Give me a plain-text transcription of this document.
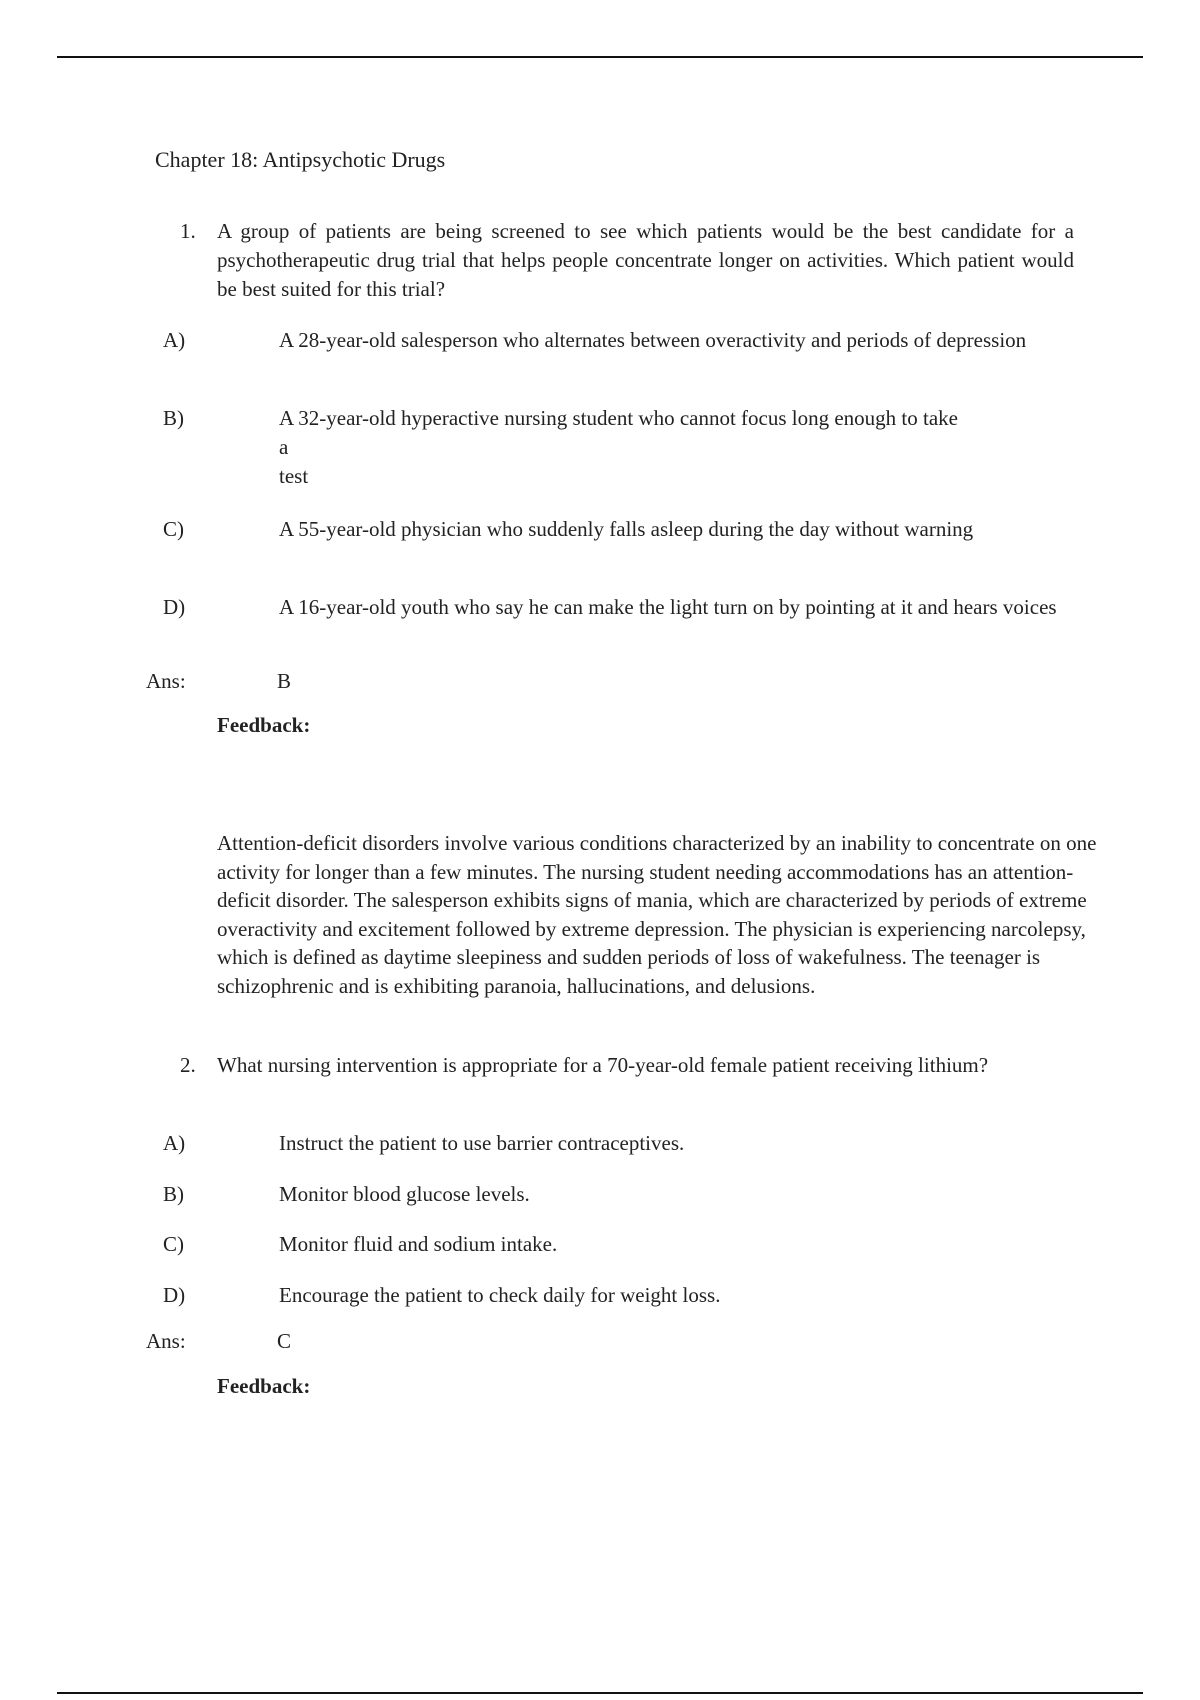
Chapter 18: Antipsychotic Drugs
1.	A group of patients are being screened to see which patients would be the best candidate for a psychotherapeutic drug trial that helps people concentrate longer on activities. Which patient would be best suited for this trial?
A)	A 28-year-old salesperson who alternates between overactivity and periods of depression
B)	A 32-year-old hyperactive nursing student who cannot focus long enough to take
a
test
C)	A 55-year-old physician who suddenly falls asleep during the day without warning
D)	A 16-year-old youth who say he can make the light turn on by pointing at it and hears voices
Ans:	B
Feedback:
Attention-deficit disorders involve various conditions characterized by an inability to concentrate on one activity for longer than a few minutes. The nursing student needing accommodations has an attention-deficit disorder. The salesperson exhibits signs of mania, which are characterized by periods of extreme overactivity and excitement followed by extreme depression. The physician is experiencing narcolepsy, which is defined as daytime sleepiness and sudden periods of loss of wakefulness. The teenager is schizophrenic and is exhibiting paranoia, hallucinations, and delusions.
2.	What nursing intervention is appropriate for a 70-year-old female patient receiving lithium?
A)	Instruct the patient to use barrier contraceptives.
B)	Monitor blood glucose levels.
C)	Monitor fluid and sodium intake.
D)	Encourage the patient to check daily for weight loss.
Ans:	C
Feedback:
